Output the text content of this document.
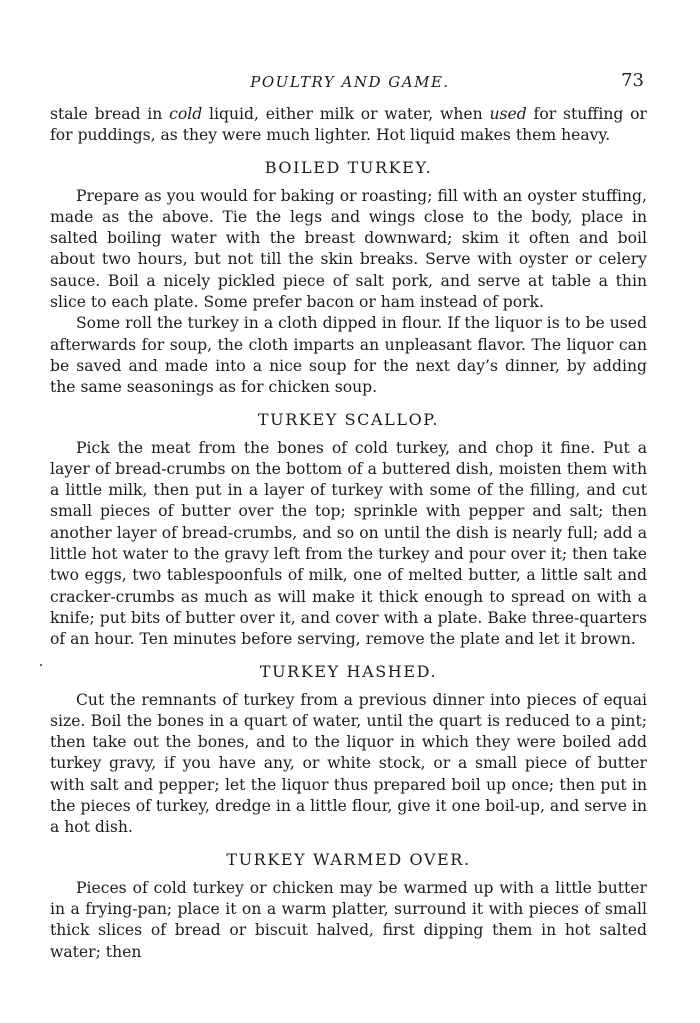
POULTRY AND GAME.	73

stale bread in cold liquid, either milk or water, when used for stuffing or for puddings, as they were much lighter. Hot liquid makes them heavy.

BOILED TURKEY.

Prepare as you would for baking or roasting; fill with an oyster stuffing, made as the above. Tie the legs and wings close to the body, place in salted boiling water with the breast downward; skim it often and boil about two hours, but not till the skin breaks. Serve with oyster or celery sauce. Boil a nicely pickled piece of salt pork, and serve at table a thin slice to each plate. Some prefer bacon or ham instead of pork.

Some roll the turkey in a cloth dipped in flour. If the liquor is to be used afterwards for soup, the cloth imparts an unpleasant flavor. The liquor can be saved and made into a nice soup for the next day’s dinner, by adding the same seasonings as for chicken soup.

TURKEY SCALLOP.

Pick the meat from the bones of cold turkey, and chop it fine. Put a layer of bread-crumbs on the bottom of a buttered dish, moisten them with a little milk, then put in a layer of turkey with some of the filling, and cut small pieces of butter over the top; sprinkle with pepper and salt; then another layer of bread-crumbs, and so on until the dish is nearly full; add a little hot water to the gravy left from the turkey and pour over it; then take two eggs, two tablespoonfuls of milk, one of melted butter, a little salt and cracker-crumbs as much as will make it thick enough to spread on with a knife; put bits of butter over it, and cover with a plate. Bake three-quarters of an hour. Ten minutes before serving, remove the plate and let it brown.

TURKEY HASHED.

Cut the remnants of turkey from a previous dinner into pieces of equai size. Boil the bones in a quart of water, until the quart is reduced to a pint; then take out the bones, and to the liquor in which they were boiled add turkey gravy, if you have any, or white stock, or a small piece of butter with salt and pepper; let the liquor thus prepared boil up once; then put in the pieces of turkey, dredge in a little flour, give it one boil-up, and serve in a hot dish.

TURKEY WARMED OVER.

Pieces of cold turkey or chicken may be warmed up with a little butter in a frying-pan; place it on a warm platter, surround it with pieces of small thick slices of bread or biscuit halved, first dipping them in hot salted water; then
